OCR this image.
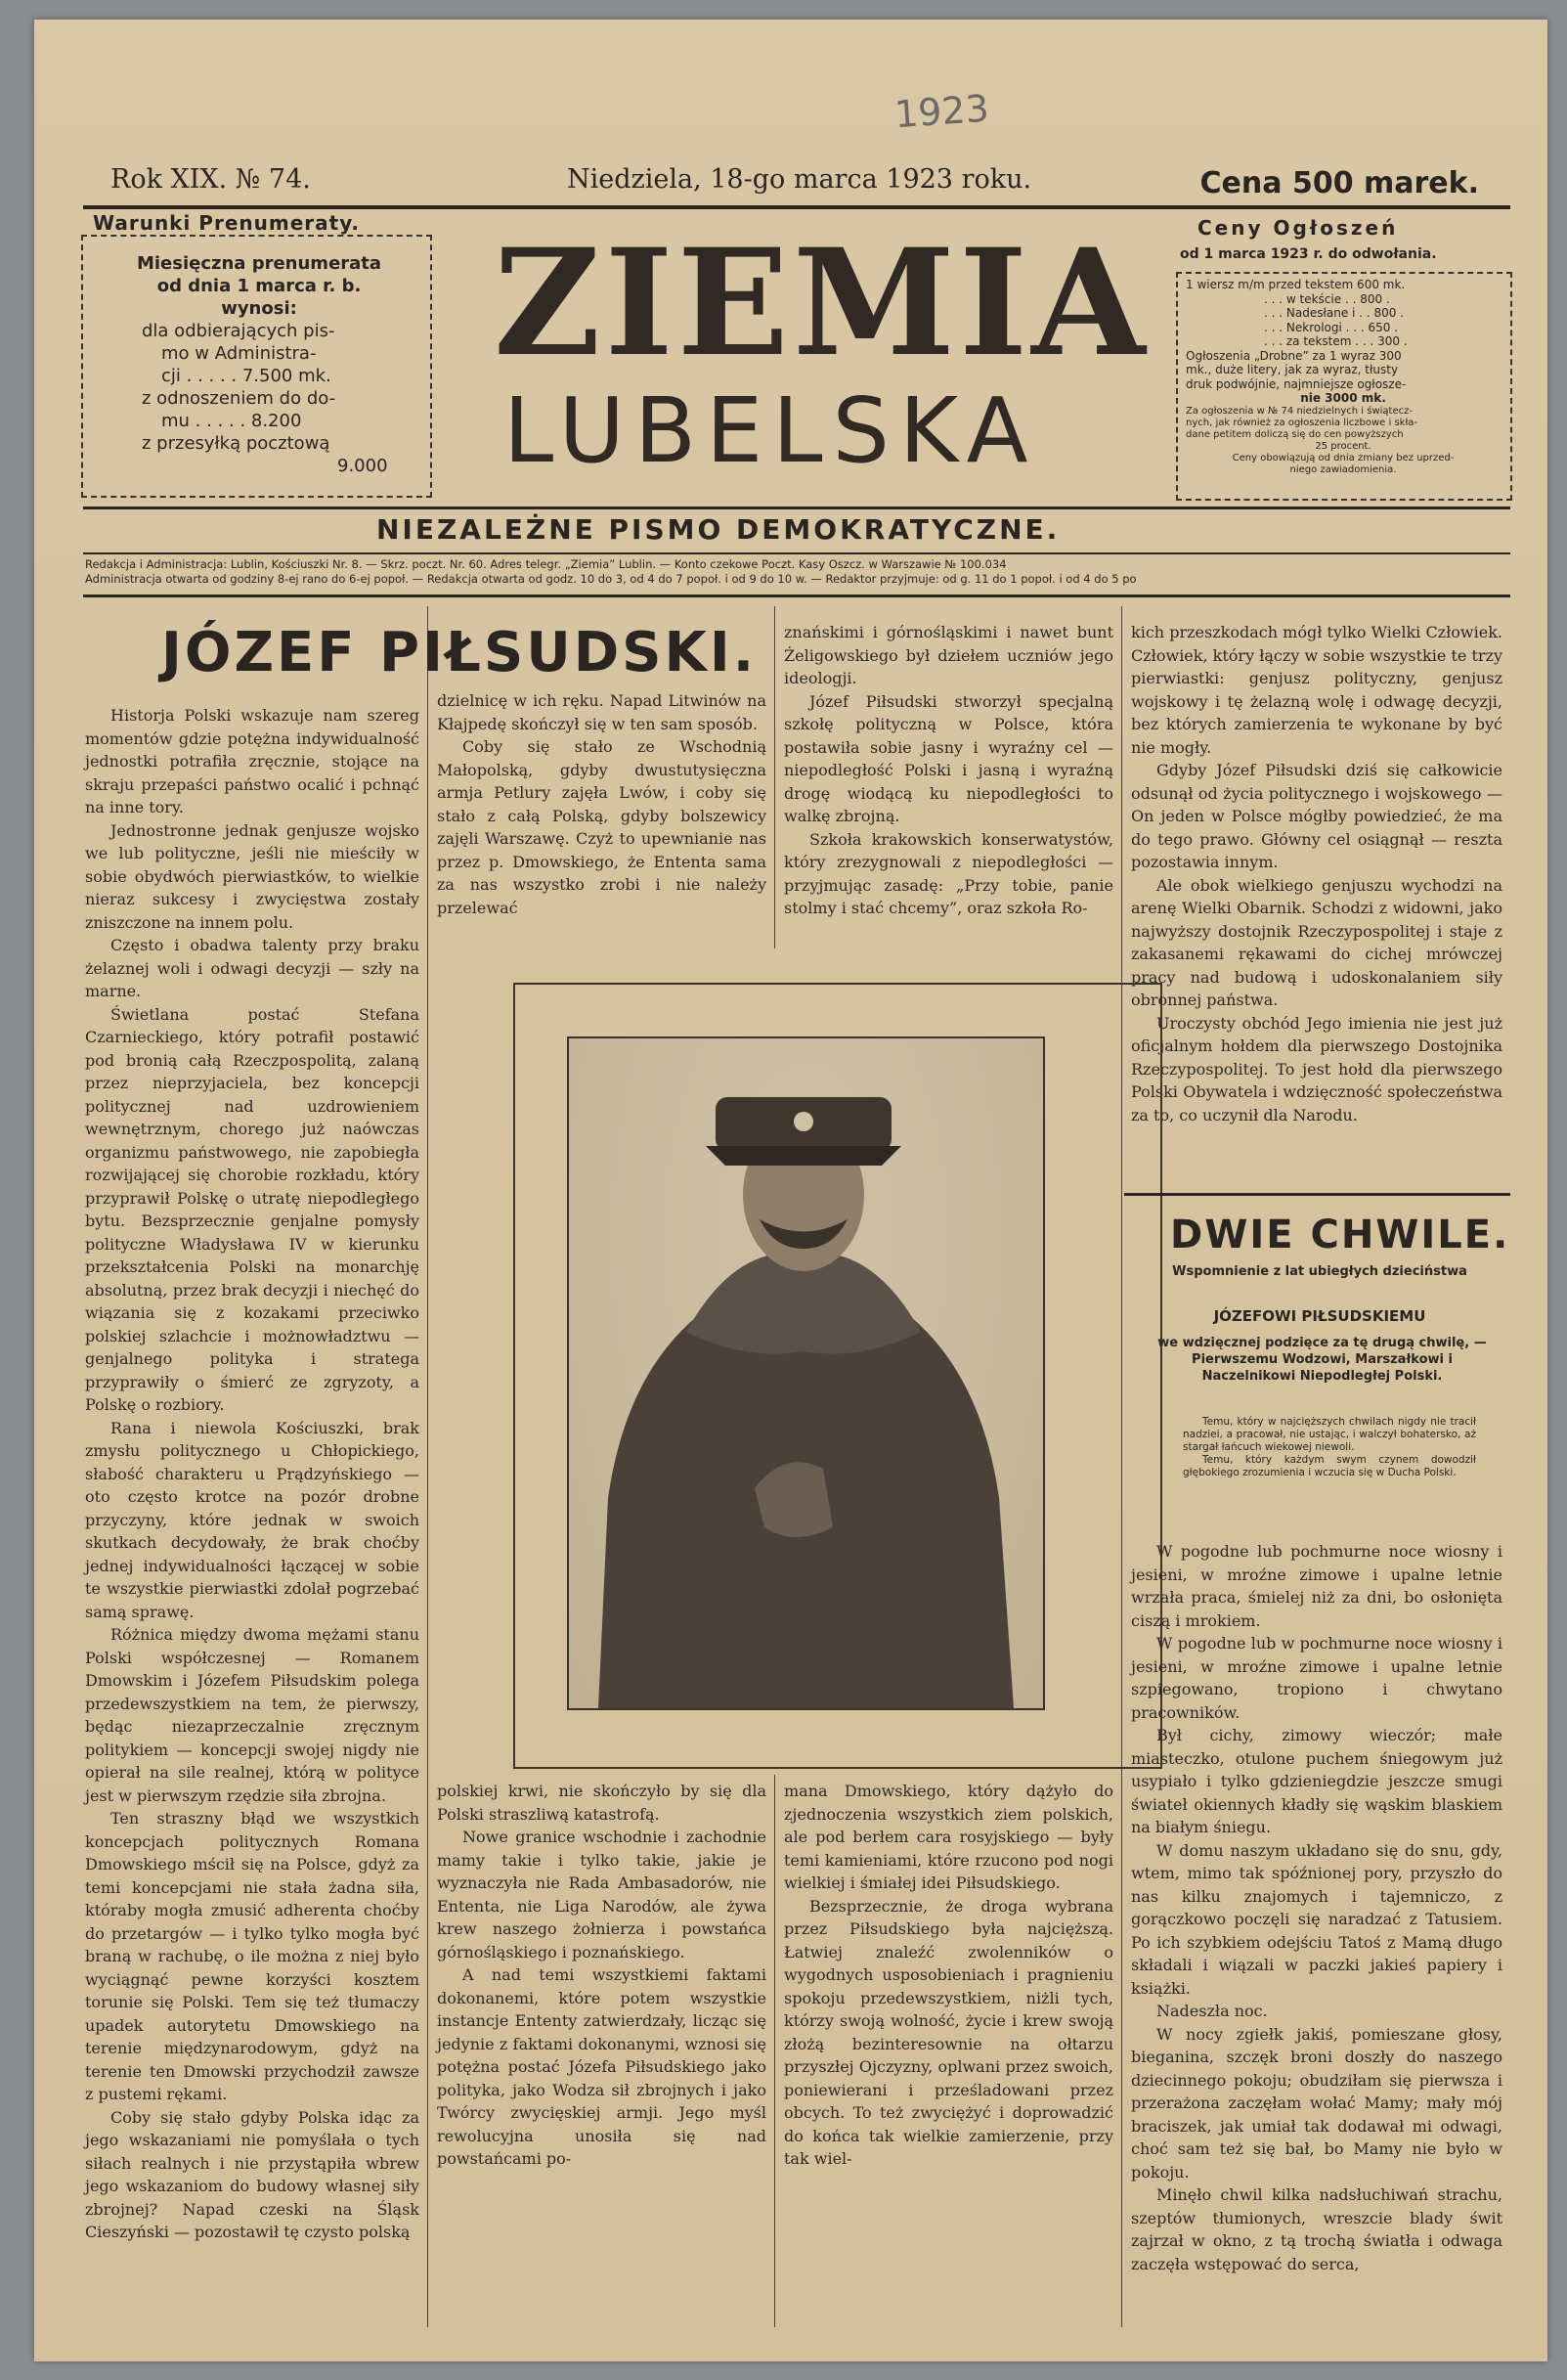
1923
Rok XIX. № 74.	Niedziela, 18-go marca 1923 roku.	Cena 500 marek.
Warunki Prenumeraty.
Miesięczna prenumerata
od dnia 1 marca r. b.
wynosi:
dla odbierających pis-
mo w Administra-
cji . . . . . 7.500 mk.
z odnoszeniem do do-
mu . . . . . 8.200
z przesyłką pocztową
9.000
ZIEMIA
LUBELSKA
Ceny Ogłoszeń
od 1 marca 1923 r. do odwołania.
1 wiersz m/m przed tekstem 600 mk.
. . . w tekście . . 800 .
. . . Nadesłane i . . 800 .
. . . Nekrologi . . . 650 .
. . . za tekstem . . . 300 .
Ogłoszenia „Drobne” za 1 wyraz 300
mk., duże litery, jak za wyraz, tłusty
druk podwójnie, najmniejsze ogłosze-
nie 3000 mk.
Za ogłoszenia w № 74 niedzielnych i świątecz-
nych, jak również za ogłoszenia liczbowe i skła-
dane petitem doliczą się do cen powyższych
25 procent.
Ceny obowiązują od dnia zmiany bez uprzed-
niego zawiadomienia.
NIEZALEŻNE PISMO DEMOKRATYCZNE.
Redakcja i Administracja: Lublin, Kościuszki Nr. 8. — Skrz. poczt. Nr. 60. Adres telegr. „Ziemia” Lublin. — Konto czekowe Poczt. Kasy Oszcz. w Warszawie № 100.034
Administracja otwarta od godziny 8-ej rano do 6-ej popoł. — Redakcja otwarta od godz. 10 do 3, od 4 do 7 popoł. i od 9 do 10 w. — Redaktor przyjmuje: od g. 11 do 1 popoł. i od 4 do 5 po
JÓZEF PIŁSUDSKI.

Historja Polski wskazuje nam szereg momentów gdzie potężna indywidualność jednostki potrafiła zręcznie, stojące na skraju przepaści państwo ocalić i pchnąć na inne tory.

Jednostronne jednak genjusze wojsko we lub polityczne, jeśli nie mieściły w sobie obydwóch pierwiastków, to wielkie nieraz sukcesy i zwycięstwa zostały zniszczone na innem polu.

Często i obadwa talenty przy braku żelaznej woli i odwagi decyzji — szły na marne.

Świetlana postać Stefana Czarnieckiego, który potrafił postawić pod bronią całą Rzeczpospolitą, zalaną przez nieprzyjaciela, bez koncepcji politycznej nad uzdrowieniem wewnętrznym, chorego już naówczas organizmu państwowego, nie zapobiegła rozwijającej się chorobie rozkładu, który przyprawił Polskę o utratę niepodległego bytu. Bezsprzecznie genjalne pomysły polityczne Władysława IV w kierunku przekształcenia Polski na monarchję absolutną, przez brak decyzji i niechęć do wiązania się z kozakami przeciwko polskiej szlachcie i możnowładztwu — genjalnego polityka i stratega przyprawiły o śmierć ze zgryzoty, a Polskę o rozbiory.

Rana i niewola Kościuszki, brak zmysłu politycznego u Chłopickiego, słabość charakteru u Prądzyńskiego — oto często krotce na pozór drobne przyczyny, które jednak w swoich skutkach decydowały, że brak choćby jednej indywidualności łączącej w sobie te wszystkie pierwiastki zdolał pogrzebać samą sprawę.

Różnica między dwoma mężami stanu Polski współczesnej — Romanem Dmowskim i Józefem Piłsudskim polega przedewszystkiem na tem, że pierwszy, będąc niezaprzeczalnie zręcznym politykiem — koncepcji swojej nigdy nie opierał na sile realnej, którą w polityce jest w pierwszym rzędzie siła zbrojna.

Ten straszny błąd we wszystkich koncepcjach politycznych Romana Dmowskiego mścił się na Polsce, gdyż za temi koncepcjami nie stała żadna siła, któraby mogła zmusić adherenta choćby do przetargów — i tylko tylko mogła być braną w rachubę, o ile można z niej było wyciągnąć pewne korzyści kosztem torunie się Polski. Tem się też tłumaczy upadek autorytetu Dmowskiego na terenie międzynarodowym, gdyż na terenie ten Dmowski przychodził zawsze z pustemi rękami.

Coby się stało gdyby Polska idąc za jego wskazaniami nie pomyślała o tych siłach realnych i nie przystąpiła wbrew jego wskazaniom do budowy własnej siły zbrojnej? Napad czeski na Śląsk Cieszyński — pozostawił tę czysto polską

dzielnicę w ich ręku. Napad Litwinów na Kłajpedę skończył się w ten sam sposób.

Coby się stało ze Wschodnią Małopolską, gdyby dwustutysięczna armja Petlury zajęła Lwów, i coby się stało z całą Polską, gdyby bolszewicy zajęli Warszawę. Czyż to upewnianie nas przez p. Dmowskiego, że Ententa sama za nas wszystko zrobi i nie należy przelewać

znańskimi i górnośląskimi i nawet bunt Żeligowskiego był dziełem uczniów jego ideologji.

Józef Piłsudski stworzył specjalną szkołę polityczną w Polsce, która postawiła sobie jasny i wyraźny cel — niepodległość Polski i jasną i wyraźną drogę wiodącą ku niepodległości to walkę zbrojną.

Szkoła krakowskich konserwatystów, który zrezygnowali z niepodległości — przyjmując zasadę: „Przy tobie, panie stolmy i stać chcemy”, oraz szkoła Ro-

kich przeszkodach mógł tylko Wielki Człowiek. Człowiek, który łączy w sobie wszystkie te trzy pierwiastki: genjusz polityczny, genjusz wojskowy i tę żelazną wolę i odwagę decyzji, bez których zamierzenia te wykonane by być nie mogły.

Gdyby Józef Piłsudski dziś się całkowicie odsunął od życia politycznego i wojskowego — On jeden w Polsce mógłby powiedzieć, że ma do tego prawo. Główny cel osiągnął — reszta pozostawia innym.

Ale obok wielkiego genjuszu wychodzi na arenę Wielki Obarnik. Schodzi z widowni, jako najwyższy dostojnik Rzeczypospolitej i staje z zakasanemi rękawami do cichej mrówczej pracy nad budową i udoskonalaniem siły obronnej państwa.

Uroczysty obchód Jego imienia nie jest już oficjalnym hołdem dla pierwszego Dostojnika Rzeczypospolitej. To jest hołd dla pierwszego Polski Obywatela i wdzięczność społeczeństwa za to, co uczynił dla Narodu.

polskiej krwi, nie skończyło by się dla Polski straszliwą katastrofą.

Nowe granice wschodnie i zachodnie mamy takie i tylko takie, jakie je wyznaczyła nie Rada Ambasadorów, nie Ententa, nie Liga Narodów, ale żywa krew naszego żołnierza i powstańca górnośląskiego i poznańskiego.

A nad temi wszystkiemi faktami dokonanemi, które potem wszystkie instancje Ententy zatwierdzały, licząc się jedynie z faktami dokonanymi, wznosi się potężna postać Józefa Piłsudskiego jako polityka, jako Wodza sił zbrojnych i jako Twórcy zwycięskiej armji. Jego myśl rewolucyjna unosiła się nad powstańcami po-

mana Dmowskiego, który dążyło do zjednoczenia wszystkich ziem polskich, ale pod berłem cara rosyjskiego — były temi kamieniami, które rzucono pod nogi wielkiej i śmiałej idei Piłsudskiego.

Bezsprzecznie, że droga wybrana przez Piłsudskiego była najcięższą. Łatwiej znaleźć zwolenników o wygodnych usposobieniach i pragnieniu spokoju przedewszystkiem, niżli tych, którzy swoją wolność, życie i krew swoją złożą bezinteresownie na ołtarzu przyszłej Ojczyzny, oplwani przez swoich, poniewierani i prześladowani przez obcych. To też zwyciężyć i doprowadzić do końca tak wielkie zamierzenie, przy tak wiel-

DWIE CHWILE.
Wspomnienie z lat ubiegłych dzieciństwa
JÓZEFOWI PIŁSUDSKIEMU
we wdzięcznej podzięce za tę drugą chwilę, — Pierwszemu Wodzowi, Marszałkowi i Naczelnikowi Niepodległej Polski.
Temu, który w najcięższych chwilach nigdy nie tracił nadziei, a pracował, nie ustając, i walczył bohatersko, aż stargał łańcuch wiekowej niewoli.
Temu, który każdym swym czynem dowodził głębokiego zrozumienia i wczucia się w Ducha Polski.

W pogodne lub pochmurne noce wiosny i jesieni, w mroźne zimowe i upalne letnie wrzała praca, śmielej niż za dni, bo osłonięta ciszą i mrokiem.

W pogodne lub w pochmurne noce wiosny i jesieni, w mroźne zimowe i upalne letnie szpiegowano, tropiono i chwytano pracowników.

Był cichy, zimowy wieczór; małe miasteczko, otulone puchem śniegowym już usypiało i tylko gdzieniegdzie jeszcze smugi świateł okiennych kładły się wąskim blaskiem na białym śniegu.

W domu naszym układano się do snu, gdy, wtem, mimo tak spóźnionej pory, przyszło do nas kilku znajomych i tajemniczo, z gorączkowo poczęli się naradzać z Tatusiem. Po ich szybkiem odejściu Tatoś z Mamą długo składali i wiązali w paczki jakieś papiery i książki.

Nadeszła noc.

W nocy zgiełk jakiś, pomieszane głosy, bieganina, szczęk broni doszły do naszego dziecinnego pokoju; obudziłam się pierwsza i przerażona zaczęłam wołać Mamy; mały mój braciszek, jak umiał tak dodawał mi odwagi, choć sam też się bał, bo Mamy nie było w pokoju.

Minęło chwil kilka nadsłuchiwań strachu, szeptów tłumionych, wreszcie blady świt zajrzał w okno, z tą trochą światła i odwaga zaczęła wstępować do serca,
